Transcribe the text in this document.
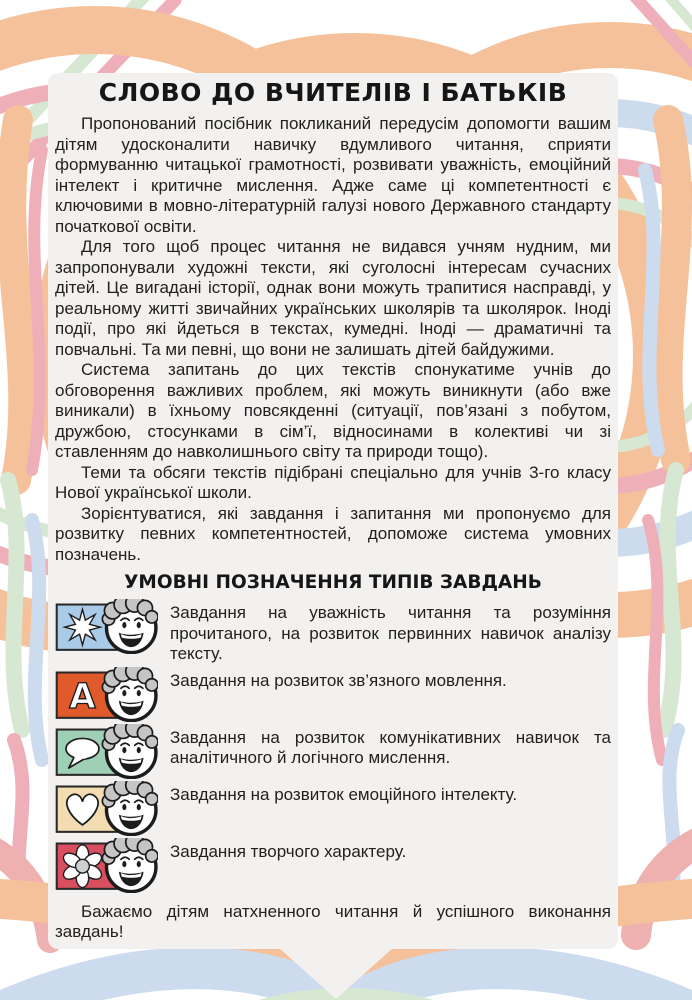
СЛОВО ДО ВЧИТЕЛІВ І БАТЬКІВ

Пропонований посібник покликаний передусім допомогти вашим дітям удосконалити навичку вдумливого читання, сприяти формуванню читацької грамотності, розвивати уважність, емоційний інтелект і критичне мислення. Адже саме ці компетентності є ключовими в мовно-літературній галузі нового Державного стандарту початкової освіти.

Для того щоб процес читання не видався учням нудним, ми запропонували художні тексти, які суголосні інтересам сучасних дітей. Це вигадані історії, однак вони можуть трапитися насправді, у реальному житті звичайних українських школярів та школярок. Іноді події, про які йдеться в текстах, кумедні. Іноді — драматичні та повчальні. Та ми певні, що вони не залишать дітей байдужими.

Система запитань до цих текстів спонукатиме учнів до обговорення важливих проблем, які можуть виникнути (або вже виникали) в їхньому повсякденні (ситуації, пов’язані з побутом, дружбою, стосунками в сім’ї, відносинами в колективі чи зі ставленням до навколишнього світу та природи тощо).

Теми та обсяги текстів підібрані спеціально для учнів 3-го класу Нової української школи.

Зорієнтуватися, які завдання і запитання ми пропонуємо для розвитку певних компетентностей, допоможе система умовних позначень.

УМОВНІ ПОЗНАЧЕННЯ ТИПІВ ЗАВДАНЬ

Завдання на уважність читання та розуміння прочитаного, на розвиток первинних навичок аналізу тексту.

А	Завдання на розвиток зв’язного мовлення.

Завдання на розвиток комунікативних навичок та аналітичного й логічного мислення.

Завдання на розвиток емоційного інтелекту.

Завдання творчого характеру.

Бажаємо дітям натхненного читання й успішного виконання завдань!
